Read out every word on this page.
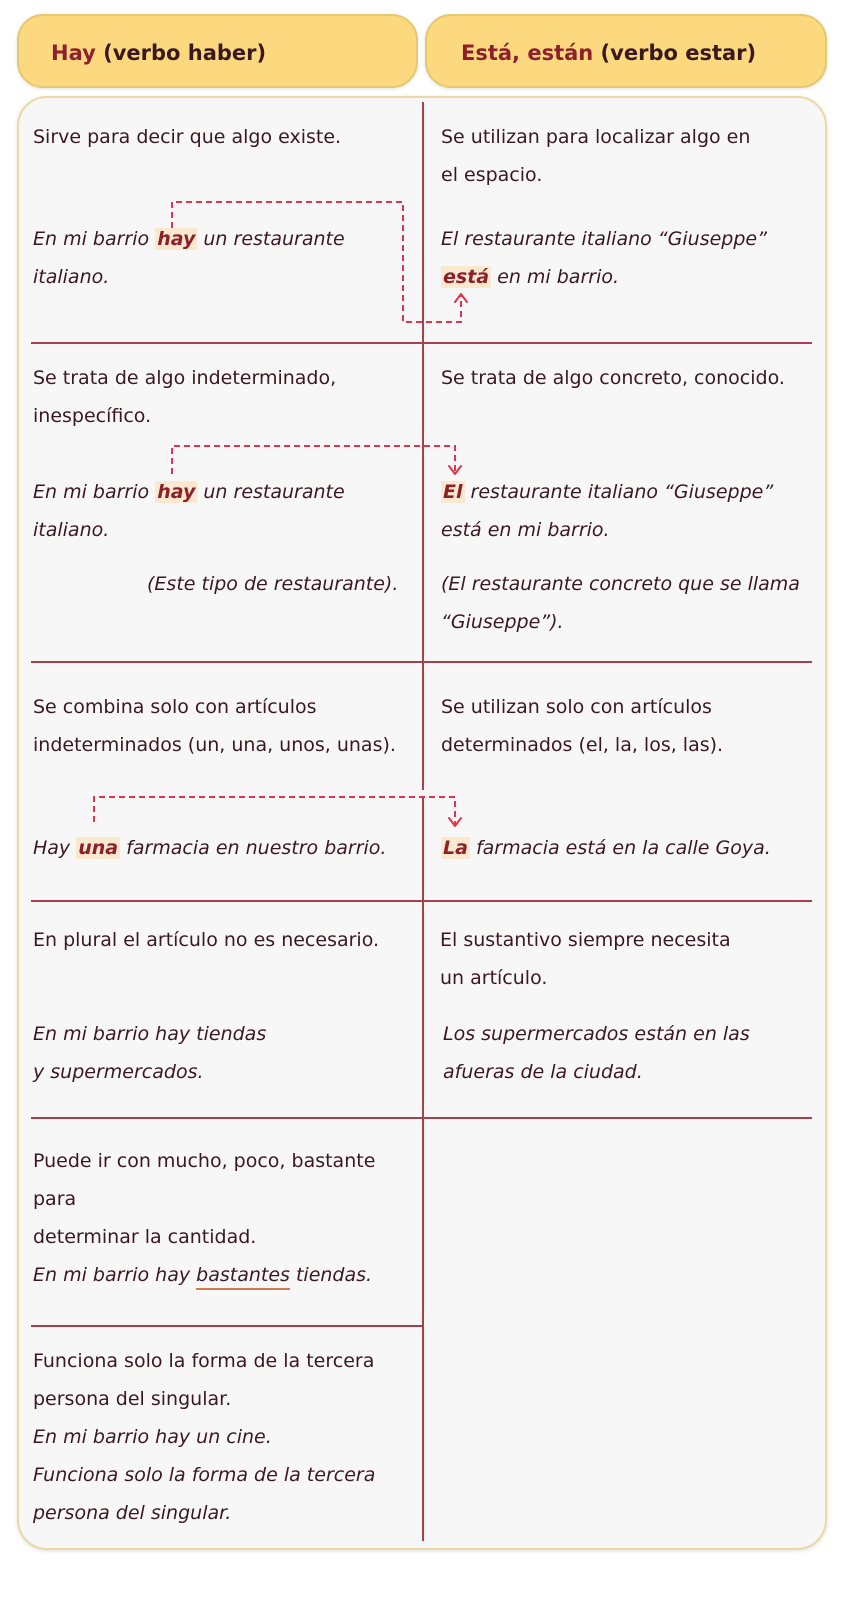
Hay (verbo haber)	Está, están (verbo estar)

Sirve para decir que algo existe.

En mi barrio hay un restaurante

italiano.

Se utilizan para localizar algo en

el espacio.

El restaurante italiano “Giuseppe”

está en mi barrio.

Se trata de algo indeterminado,

inespecífico.

En mi barrio hay un restaurante

italiano.

(Este tipo de restaurante).

Se trata de algo concreto, conocido.

El restaurante italiano “Giuseppe”

está en mi barrio.

(El restaurante concreto que se llama

“Giuseppe”).

Se combina solo con artículos

indeterminados (un, una, unos, unas).

Hay una farmacia en nuestro barrio.

Se utilizan solo con artículos

determinados (el, la, los, las).

La farmacia está en la calle Goya.

En plural el artículo no es necesario.

En mi barrio hay tiendas

y supermercados.

El sustantivo siempre necesita

un artículo.

Los supermercados están en las

afueras de la ciudad.

Puede ir con mucho, poco, bastante

para

determinar la cantidad.

En mi barrio hay bastantes tiendas.

Funciona solo la forma de la tercera

persona del singular.

En mi barrio hay un cine.

Funciona solo la forma de la tercera

persona del singular.
